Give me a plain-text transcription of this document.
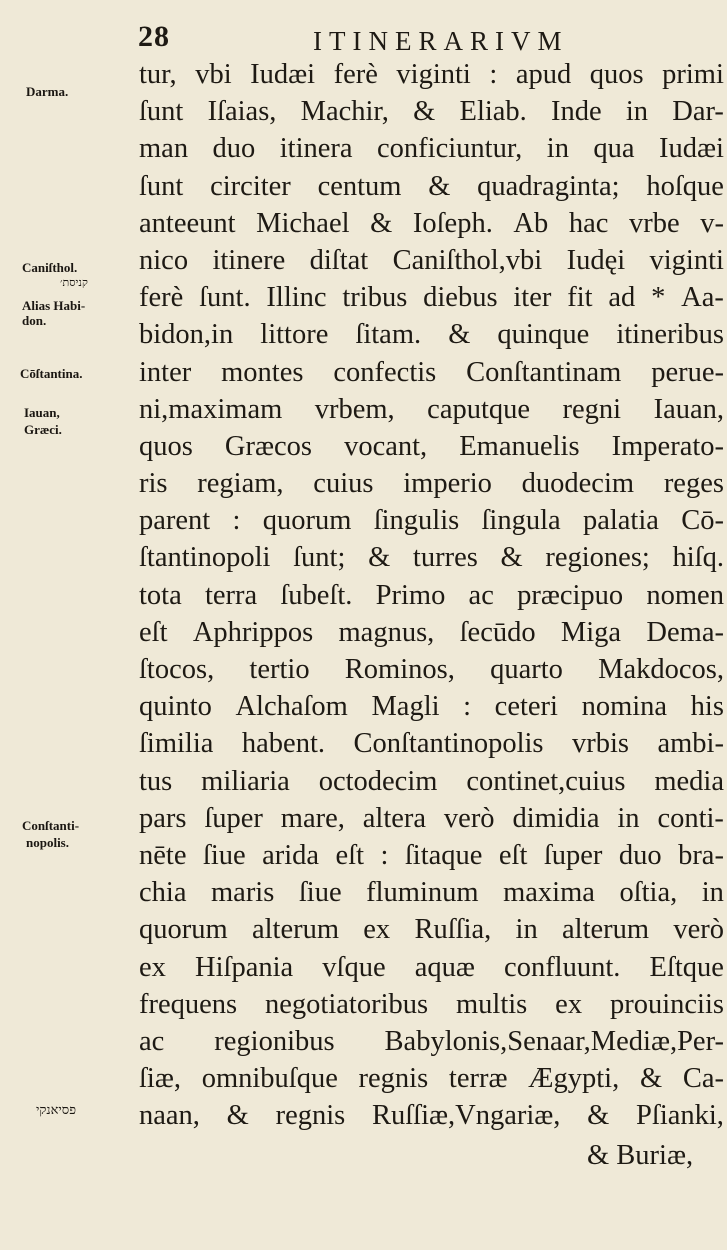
28	ITINERARIVM
tur, vbi Iudæi ferè viginti : apud quos primi
ſunt Iſaias, Machir, & Eliab. Inde in Dar-
man duo itinera conficiuntur, in qua Iudæi
ſunt circiter centum & quadraginta; hoſque
anteeunt Michael & Ioſeph. Ab hac vrbe v-
nico itinere diſtat Caniſthol,vbi Iudęi viginti
ferè ſunt. Illinc tribus diebus iter fit ad * Aa-
bidon,in littore ſitam. & quinque itineribus
inter montes confectis Conſtantinam perue-
ni,maximam vrbem, caputque regni Iauan,
quos Græcos vocant, Emanuelis Imperato-
ris regiam, cuius imperio duodecim reges
parent : quorum ſingulis ſingula palatia Cō-
ſtantinopoli ſunt; & turres & regiones; hiſq.
tota terra ſubeſt. Primo ac præcipuo nomen
eſt Aphrippos magnus, ſecūdo Miga Dema-
ſtocos, tertio Rominos, quarto Makdocos,
quinto Alchaſom Magli : ceteri nomina his
ſimilia habent. Conſtantinopolis vrbis ambi-
tus miliaria octodecim continet,cuius media
pars ſuper mare, altera verò dimidia in conti-
nēte ſiue arida eſt : ſitaque eſt ſuper duo bra-
chia maris ſiue fluminum maxima oſtia, in
quorum alterum ex Ruſſia, in alterum verò
ex Hiſpania vſque aquæ confluunt. Eſtque
frequens negotiatoribus multis ex prouinciis
ac regionibus Babylonis,Senaar,Mediæ,Per-
ſiæ, omnibuſque regnis terræ Ægypti, & Ca-
naan, & regnis Ruſſiæ,Vngariæ, & Pſianki,
& Buriæ,
Darma.
Caniſthol.
קניסת׳
Alias Habi-
don.
Cōſtantina.
Iauan,
Græci.
Conſtanti-
nopolis.
פסיאנקי
